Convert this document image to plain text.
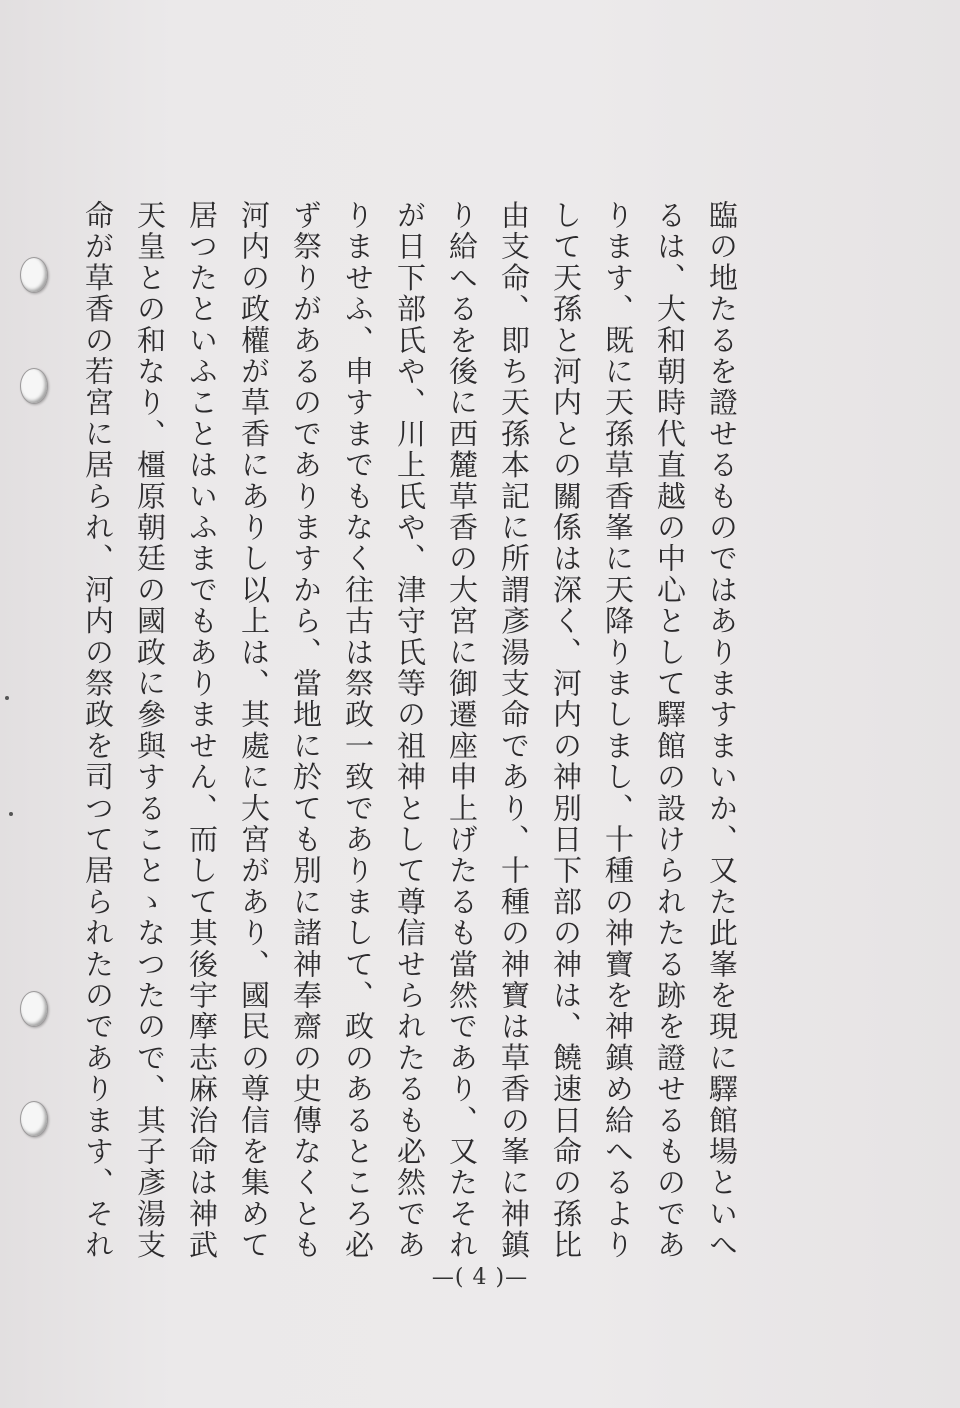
臨の地たるを證せるものではありますまいか、又た此峯を現に驛館場といへ
るは、大和朝時代直越の中心として驛館の設けられたる跡を證せるものであ
ります、既に天孫草香峯に天降りましまし、十種の神寶を神鎮め給へるより
して天孫と河内との關係は深く、河内の神別日下部の神は、饒速日命の孫比
由支命、即ち天孫本記に所謂彥湯支命であり、十種の神寶は草香の峯に神鎮
り給へるを後に西麓草香の大宮に御遷座申上げたるも當然であり、又たそれ
が日下部氏や、川上氏や、津守氏等の祖神として尊信せられたるも必然であ
りませふ、申すまでもなく往古は祭政一致でありまして、政のあるところ必
ず祭りがあるのでありますから、當地に於ても別に諸神奉齋の史傳なくとも
河内の政權が草香にありし以上は、其處に大宮があり、國民の尊信を集めて
居つたといふことはいふまでもありません、而して其後宇摩志麻治命は神武
天皇との和なり、橿原朝廷の國政に參與することゝなつたので、其子彥湯支
命が草香の若宮に居られ、河内の祭政を司つて居られたのであります、それ
—( 4 )—
